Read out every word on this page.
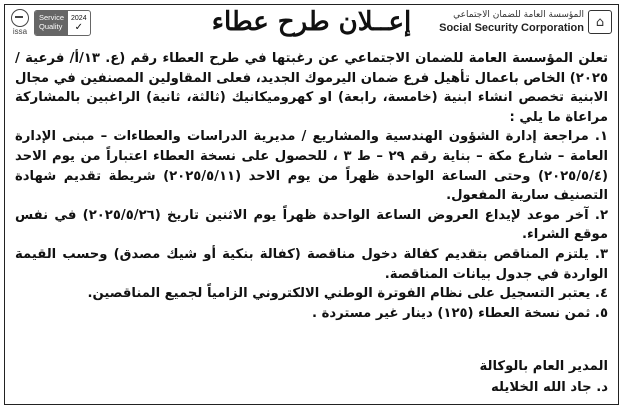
⌂
المؤسسة العامة للضمان الاجتماعي
Social Security Corporation
إعــلان طرح عطاء
issa
Service
Quality
2024
✓

تعلن المؤسسة العامة للضمان الاجتماعي عن رغبتها في طرح العطاء رقم (ع. ١٣/أ/ فرعية / ٢٠٢٥) الخاص باعمال تأهيل فرع ضمان اليرموك الجديد، فعلى المقاولين المصنفين في مجال الابنية تخصص انشاء ابنية (خامسة، رابعة) او كهروميكانيك (ثالثة، ثانية) الراغبين بالمشاركة مراعاة ما يلي :

١. مراجعة إدارة الشؤون الهندسية والمشاريع / مديرية الدراسات والعطاءات – مبنى الإدارة العامة – شارع مكة – بناية رقم ٢٩ – ط ٣ ، للحصول على نسخة العطاء اعتباراً من يوم الاحد (٢٠٢٥/٥/٤) وحتى الساعة الواحدة ظهراً من يوم الاحد (٢٠٢٥/٥/١١) شريطة تقديم شهادة التصنيف سارية المفعول.

٢. آخر موعد لإيداع العروض الساعة الواحدة ظهراً يوم الاثنين تاريخ (٢٠٢٥/٥/٢٦) في نفس موقع الشراء.

٣. يلتزم المناقص بتقديم كفالة دخول مناقصة (كفالة بنكية أو شيك مصدق) وحسب القيمة الواردة في جدول بيانات المناقصة.

٤. يعتبر التسجيل على نظام الفوترة الوطني الالكتروني الزامياً لجميع المناقصين.

٥. ثمن نسخة العطاء (١٢٥) دينار غير مستردة .

المدير العام بالوكالة
د. جاد الله الخلايله
